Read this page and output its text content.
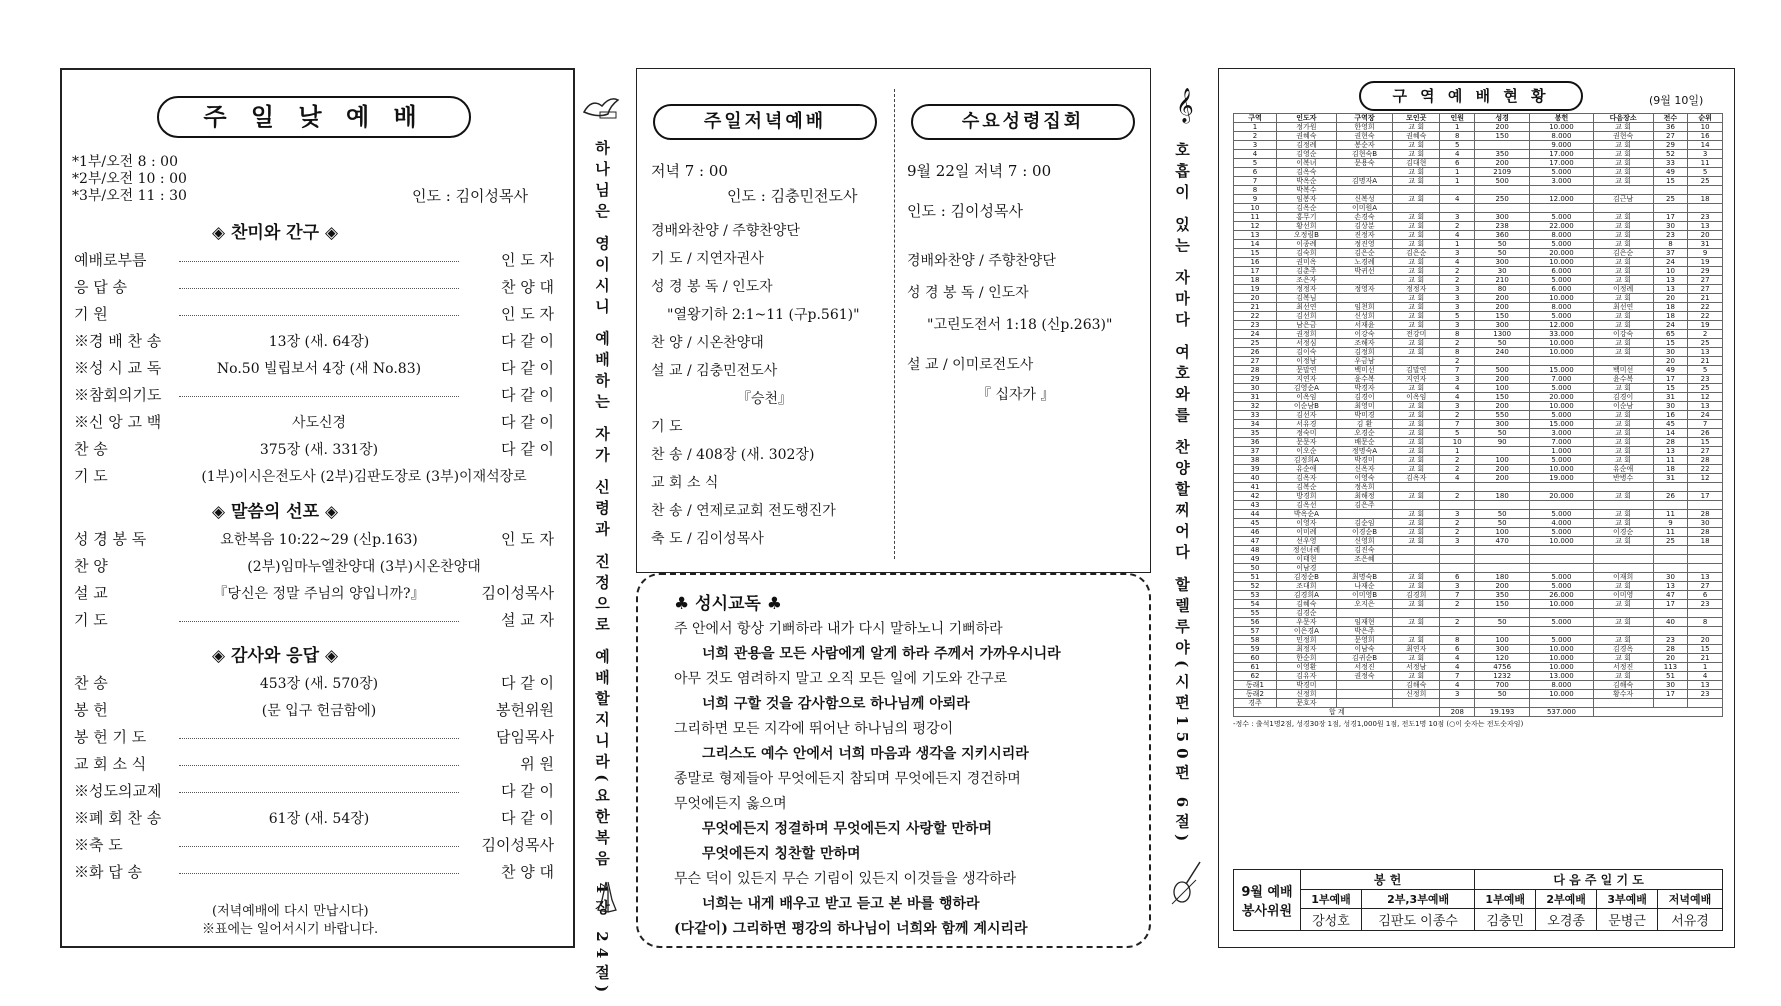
주 일 낮 예 배
*1부/오전 8 : 00
*2부/오전 10 : 00
*3부/오전 11 : 30	인도 : 김이성목사
◈ 찬미와 간구 ◈
예배로부름	인 도 자
응 답 송	찬 양 대
기 원	인 도 자
※경 배 찬 송	13장 (새. 64장)	다 같 이
※성 시 교 독	No.50 빌립보서 4장 (새 No.83)	다 같 이
※참회의기도	다 같 이
※신 앙 고 백	사도신경	다 같 이
찬 송	375장 (새. 331장)	다 같 이
기 도	(1부)이시은전도사 (2부)김판도장로 (3부)이재석장로
◈ 말씀의 선포 ◈
성 경 봉 독	요한복음 10:22~29 (신p.163)	인 도 자
찬 양	(2부)임마누엘찬양대 (3부)시온찬양대
설 교	『당신은 정말 주님의 양입니까?』	김이성목사
기 도	설 교 자
◈ 감사와 응답 ◈
찬 송	453장 (새. 570장)	다 같 이
봉 헌	(문 입구 헌금함에)	봉헌위원
봉 헌 기 도	담임목사
교 회 소 식	위 원
※성도의교제	다 같 이
※폐 회 찬 송	61장 (새. 54장)	다 같 이
※축 도	김이성목사
※화 답 송	찬 양 대
(저녁예배에 다시 만납시다)
※표에는 일어서시기 바랍니다.	하나님은 영이시니 예배하는 자가 신령과 진정으로 예배할지니라(요한복음 4장 24절)
𝄞
호흡이 있는 자마다 여호와를 찬양할찌어다 할렐루야(시편150편 6절)
주일저녁예배
저녁 7 : 00
인도 : 김충민전도사
경배와찬양 / 주향찬양단
기 도 / 지연자권사
성 경 봉 독 / 인도자
"열왕기하 2:1~11 (구p.561)"
찬 양 / 시온찬양대
설 교 / 김충민전도사
『승천』
기 도
찬 송 / 408장 (새. 302장)
교 회 소 식
찬 송 / 연제로교회 전도행진가
축 도 / 김이성목사
수요성령집회
9월 22일 저녁 7 : 00
인도 : 김이성목사
경배와찬양 / 주향찬양단
성 경 봉 독 / 인도자
"고린도전서 1:18 (신p.263)"
설 교 / 이미로전도사
『 십자가 』
♣ 성시교독 ♣
주 안에서 항상 기뻐하라 내가 다시 말하노니 기뻐하라
너희 관용을 모든 사람에게 알게 하라 주께서 가까우시니라
아무 것도 염려하지 말고 오직 모든 일에 기도와 간구로
너희 구할 것을 감사함으로 하나님께 아뢰라
그리하면 모든 지각에 뛰어난 하나님의 평강이
그리스도 예수 안에서 너희 마음과 생각을 지키시리라
종말로 형제들아 무엇에든지 참되며 무엇에든지 경건하며
무엇에든지 옳으며
무엇에든지 정결하며 무엇에든지 사랑할 만하며
무엇에든지 칭찬할 만하며
무슨 덕이 있든지 무슨 기림이 있든지 이것들을 생각하라
너희는 내게 배우고 받고 듣고 본 바를 행하라
(다같이) 그리하면 평강의 하나님이 너희와 함께 계시리라
구 역 예 배 현 황	(9월 10일)
구역	인도자	구역장	모인곳	인원	성경	봉헌	다음장소	전수	순위
1	정가원	한영희	교 회	1	200	10.000	교 회	36	10
2	권혜숙	권현숙	권혜숙	8	150	8.000	권현숙	27	16
3	김정례	봉순자	교 회	5		9.000	교 회	29	14
4	김영순	김현숙B	교 회	4	350	17.000	교 회	52	3
5	이복녀	문용숙	김대현	6	200	17.000	교 회	33	11
6	김옥숙		교 회	1	2109	5.000	교 회	49	5
7	박옥순	김명자A	교 회	1	500	3.000	교 회	15	25
8	박복수								
9	임봉자	신복성	교 회	4	250	12.000	김근남	25	18
10	김옥순	이미원A							
11	홍무기	손경숙	교 회	3	300	5.000	교 회	17	23
12	황선희	김상분	교 회	2	238	22.000	교 회	30	13
13	오정림B	진정자	교 회	4	360	8.000	교 회	23	20
14	이종례	정진영	교 회	1	50	5.000	교 회	8	31
15	김숙희	김은순	김은순	3	50	20.000	김은순	37	9
16	권미옥	노경례	교 회	4	300	10.000	교 회	24	19
17	김춘주	박귀선	교 회	2	30	6.000	교 회	10	29
18	조은자		교 회	2	210	5.000	교 회	13	27
19	정정자	정영자	정정자	3	80	6.000	이정례	13	27
20	김복님		교 회	3	200	10.000	교 회	20	21
21	최선연	임천희	교 회	3	200	8.000	최선연	18	22
22	김선희	신성희	교 회	5	150	5.000	교 회	18	22
23	남은금	서재윤	교 회	3	300	12.000	교 회	24	19
24	권정희	이강숙	전강미	8	1300	33.000	이강숙	65	2
25	서정심	조해자	교 회	2	50	10.000	교 회	15	25
26	김이숙	김정희	교 회	8	240	10.000	교 회	30	13
27	이정남	우금남		2				20	21
28	문말연	백미선	김말연	7	500	15.000	백미선	49	5
29	지연자	윤수복	지연자	3	200	7.000	윤수복	17	23
30	김영순A	박경자	교 회	4	100	5.000	교 회	15	25
31	이옥임	김경이	이옥임	4	150	20.000	김경이	31	12
32	이순남B	최영미	교 회	3	200	10.000	이순남	30	13
33	김선자	박미경	교 회	2	550	5.000	교 회	16	24
34	서유경	김 환	교 회	7	300	15.000	교 회	45	7
35	정숙미	오경순	교 회	5	50	3.000	교 회	14	26
36	문문자	배문순	교 회	10	90	7.000	교 회	28	15
37	이오순	정명숙A	교 회	1		1.000	교 회	13	27
38	김정희A	박경미	교 회	2	100	5.000	교 회	11	28
39	유순애	신옥자	교 회	2	200	10.000	유순애	18	22
40	김옥자	이영숙	김옥자	4	200	19.000	반병수	31	12
41	김복순	정옥희							
42	방경희	최해정	교 회	2	180	20.000	교 회	26	17
43	김옥선	김은주							
44	박옥순A		교 회	3	50	5.000	교 회	11	28
45	이영자	김순임	교 회	2	50	4.000	교 회	9	30
46	이미례	이경순B	교 회	2	100	5.000	이경순	11	28
47	선우영	신영희	교 회	3	470	10.000	교 회	25	18
48	정선녀례	김진숙							
49	이태현	조은혜							
50	이남경								
51	김정순B	최명숙B	교 회	6	180	5.000	이재희	30	13
52	조대희	나재순	교 회	3	200	5.000	교 회	13	27
53	김경희A	이미영B	김경희	7	350	26.000	이미영	47	6
54	김혜숙	오지은	교 회	2	150	10.000	교 회	17	23
55	김경순								
56	우문자	임재현	교 회	2	50	5.000	교 회	40	8
57	이은경A	박은주							
58	민정희	문영희	교 회	8	100	5.000	교 회	23	20
59	최정자	이남숙	최연자	6	300	10.000	김경옥	28	15
60	한순희	김귀순B	교 회	4	120	10.000	교 회	20	21
61	이영환	서정진	서정남	4	4756	10.000	서정진	113	1
62	김유자	권정숙	교 회	7	1232	13.000	교 회	51	4
동래1	박경미		김해숙	4	700	8.000	김해숙	30	13
동래2	신정희		신정희	3	50	10.000	황수자	17	23
경주	문호자								
합 계				208	19.193	537.000			
-정수 : 출석1명2점, 성경30장 1점, 성경1,000원 1점, 전도1명 10점 (○이 숫자는 전도숫자임)
9월 예배
봉사위원	봉 헌		다 음 주 일 기 도			
	1부예배	2부,3부예배	1부예배	2부예배	3부예배	저녁예배
	강성호	김판도 이종수	김충민	오경종	문병근	서유경
